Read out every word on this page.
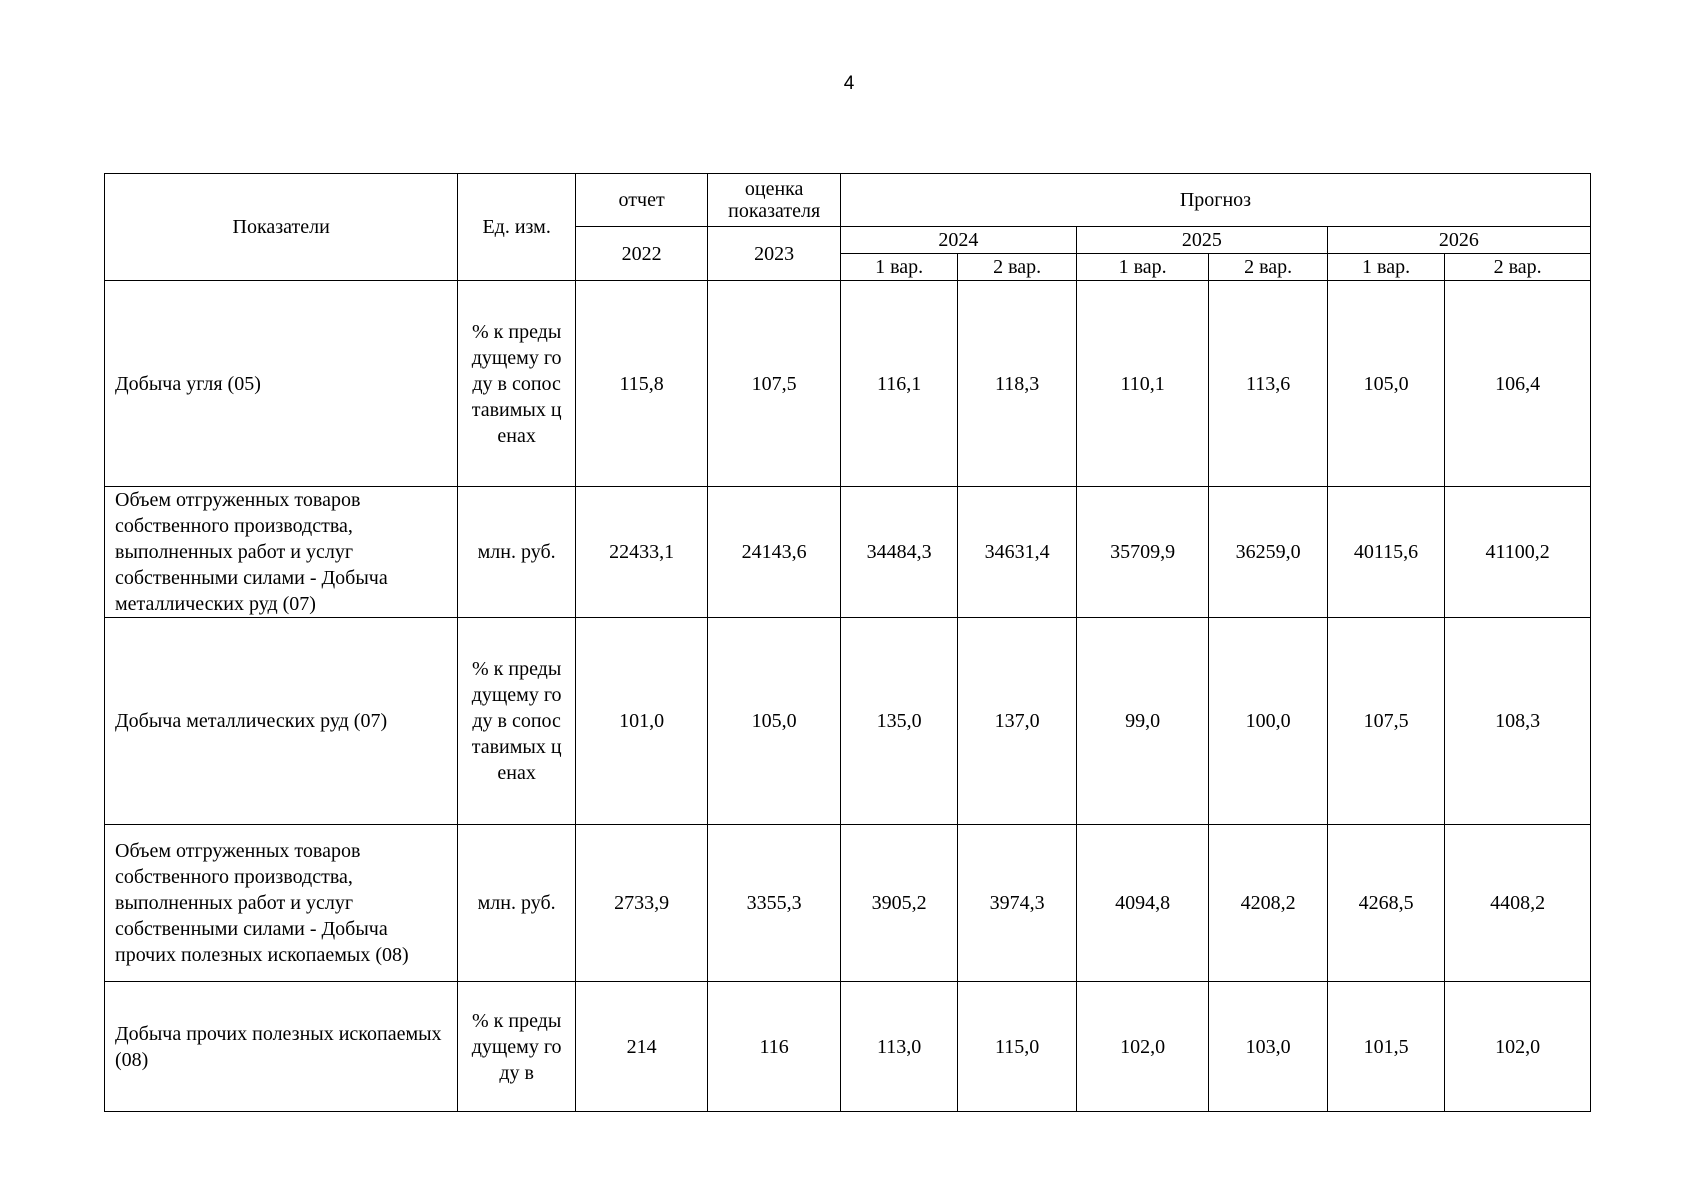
4
Показатели	Ед. изм.	отчет	оценка показателя	Прогноз					
		2022	2023	2024		2025		2026	
				1 вар.	2 вар.	1 вар.	2 вар.	1 вар.	2 вар.
Добыча угля (05)	% к предыдущему году в сопоставимых ценах	115,8	107,5	116,1	118,3	110,1	113,6	105,0	106,4
Объем отгруженных товаров собственного производства, выполненных работ и услуг собственными силами - Добыча металлических руд (07)	млн. руб.	22433,1	24143,6	34484,3	34631,4	35709,9	36259,0	40115,6	41100,2
Добыча металлических руд (07)	% к предыдущему году в сопоставимых ценах	101,0	105,0	135,0	137,0	99,0	100,0	107,5	108,3
Объем отгруженных товаров собственного производства, выполненных работ и услуг собственными силами - Добыча прочих полезных ископаемых (08)	млн. руб.	2733,9	3355,3	3905,2	3974,3	4094,8	4208,2	4268,5	4408,2
Добыча прочих полезных ископаемых (08)	% к предыдущему году в	214	116	113,0	115,0	102,0	103,0	101,5	102,0
